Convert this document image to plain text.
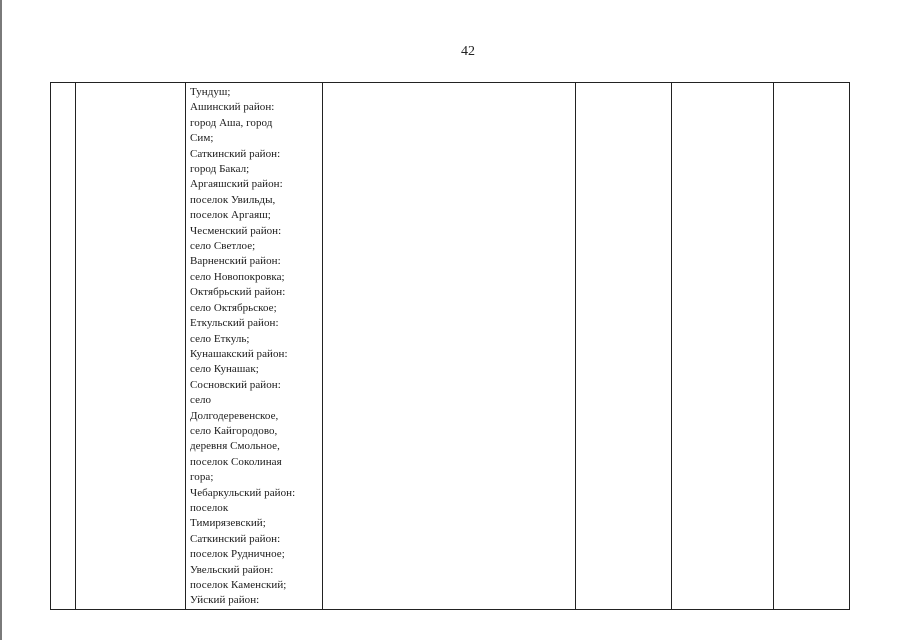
42

Тундуш;
Ашинский район:
город Аша, город
Сим;
Саткинский район:
город Бакал;
Аргаяшский район:
поселок Увильды,
поселок Аргаяш;
Чесменский район:
село Светлое;
Варненский район:
село Новопокровка;
Октябрьский район:
село Октябрьское;
Еткульский район:
село Еткуль;
Кунашакский район:
село Кунашак;
Сосновский район:
село
Долгодеревенское,
село Кайгородово,
деревня Смольное,
поселок Соколиная
гора;
Чебаркульский район:
поселок
Тимирязевский;
Саткинский район:
поселок Рудничное;
Увельский район:
поселок Каменский;
Уйский район:
